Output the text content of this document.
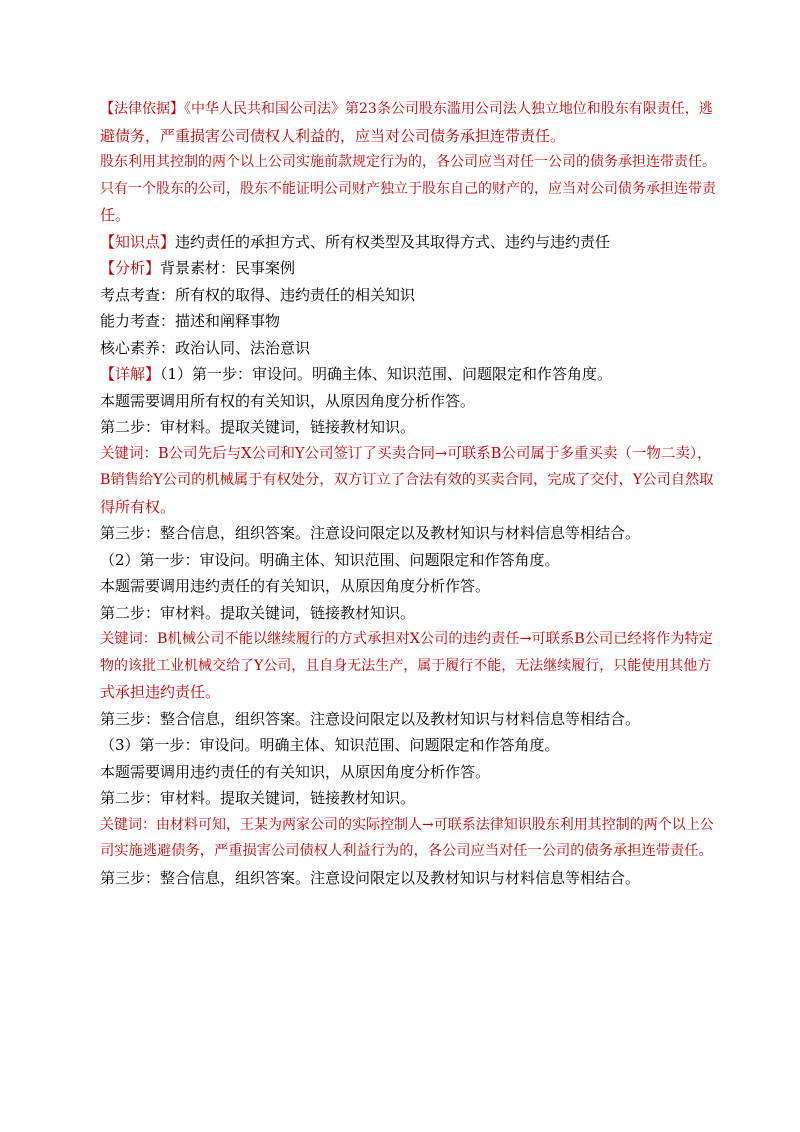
【法律依据】《中华人民共和国公司法》第23条公司股东滥用公司法人独立地位和股东有限责任，逃
避债务，严重损害公司债权人利益的，应当对公司债务承担连带责任。
股东利用其控制的两个以上公司实施前款规定行为的，各公司应当对任一公司的债务承担连带责任。
只有一个股东的公司，股东不能证明公司财产独立于股东自己的财产的，应当对公司债务承担连带责
任。
【知识点】违约责任的承担方式、所有权类型及其取得方式、违约与违约责任
【分析】背景素材：民事案例
考点考查：所有权的取得、违约责任的相关知识
能力考查：描述和阐释事物
核心素养：政治认同、法治意识
【详解】（1）第一步：审设问。明确主体、知识范围、问题限定和作答角度。
本题需要调用所有权的有关知识，从原因角度分析作答。
第二步：审材料。提取关键词，链接教材知识。
关键词：B公司先后与X公司和Y公司签订了买卖合同→可联系B公司属于多重买卖（一物二卖），
B销售给Y公司的机械属于有权处分，双方订立了合法有效的买卖合同，完成了交付，Y公司自然取
得所有权。
第三步：整合信息，组织答案。注意设问限定以及教材知识与材料信息等相结合。
（2）第一步：审设问。明确主体、知识范围、问题限定和作答角度。
本题需要调用违约责任的有关知识，从原因角度分析作答。
第二步：审材料。提取关键词，链接教材知识。
关键词：B机械公司不能以继续履行的方式承担对X公司的违约责任→可联系B公司已经将作为特定
物的该批工业机械交给了Y公司，且自身无法生产，属于履行不能，无法继续履行，只能使用其他方
式承担违约责任。
第三步：整合信息，组织答案。注意设问限定以及教材知识与材料信息等相结合。
（3）第一步：审设问。明确主体、知识范围、问题限定和作答角度。
本题需要调用违约责任的有关知识，从原因角度分析作答。
第二步：审材料。提取关键词，链接教材知识。
关键词：由材料可知，王某为两家公司的实际控制人→可联系法律知识股东利用其控制的两个以上公
司实施逃避债务，严重损害公司债权人利益行为的，各公司应当对任一公司的债务承担连带责任。
第三步：整合信息，组织答案。注意设问限定以及教材知识与材料信息等相结合。
